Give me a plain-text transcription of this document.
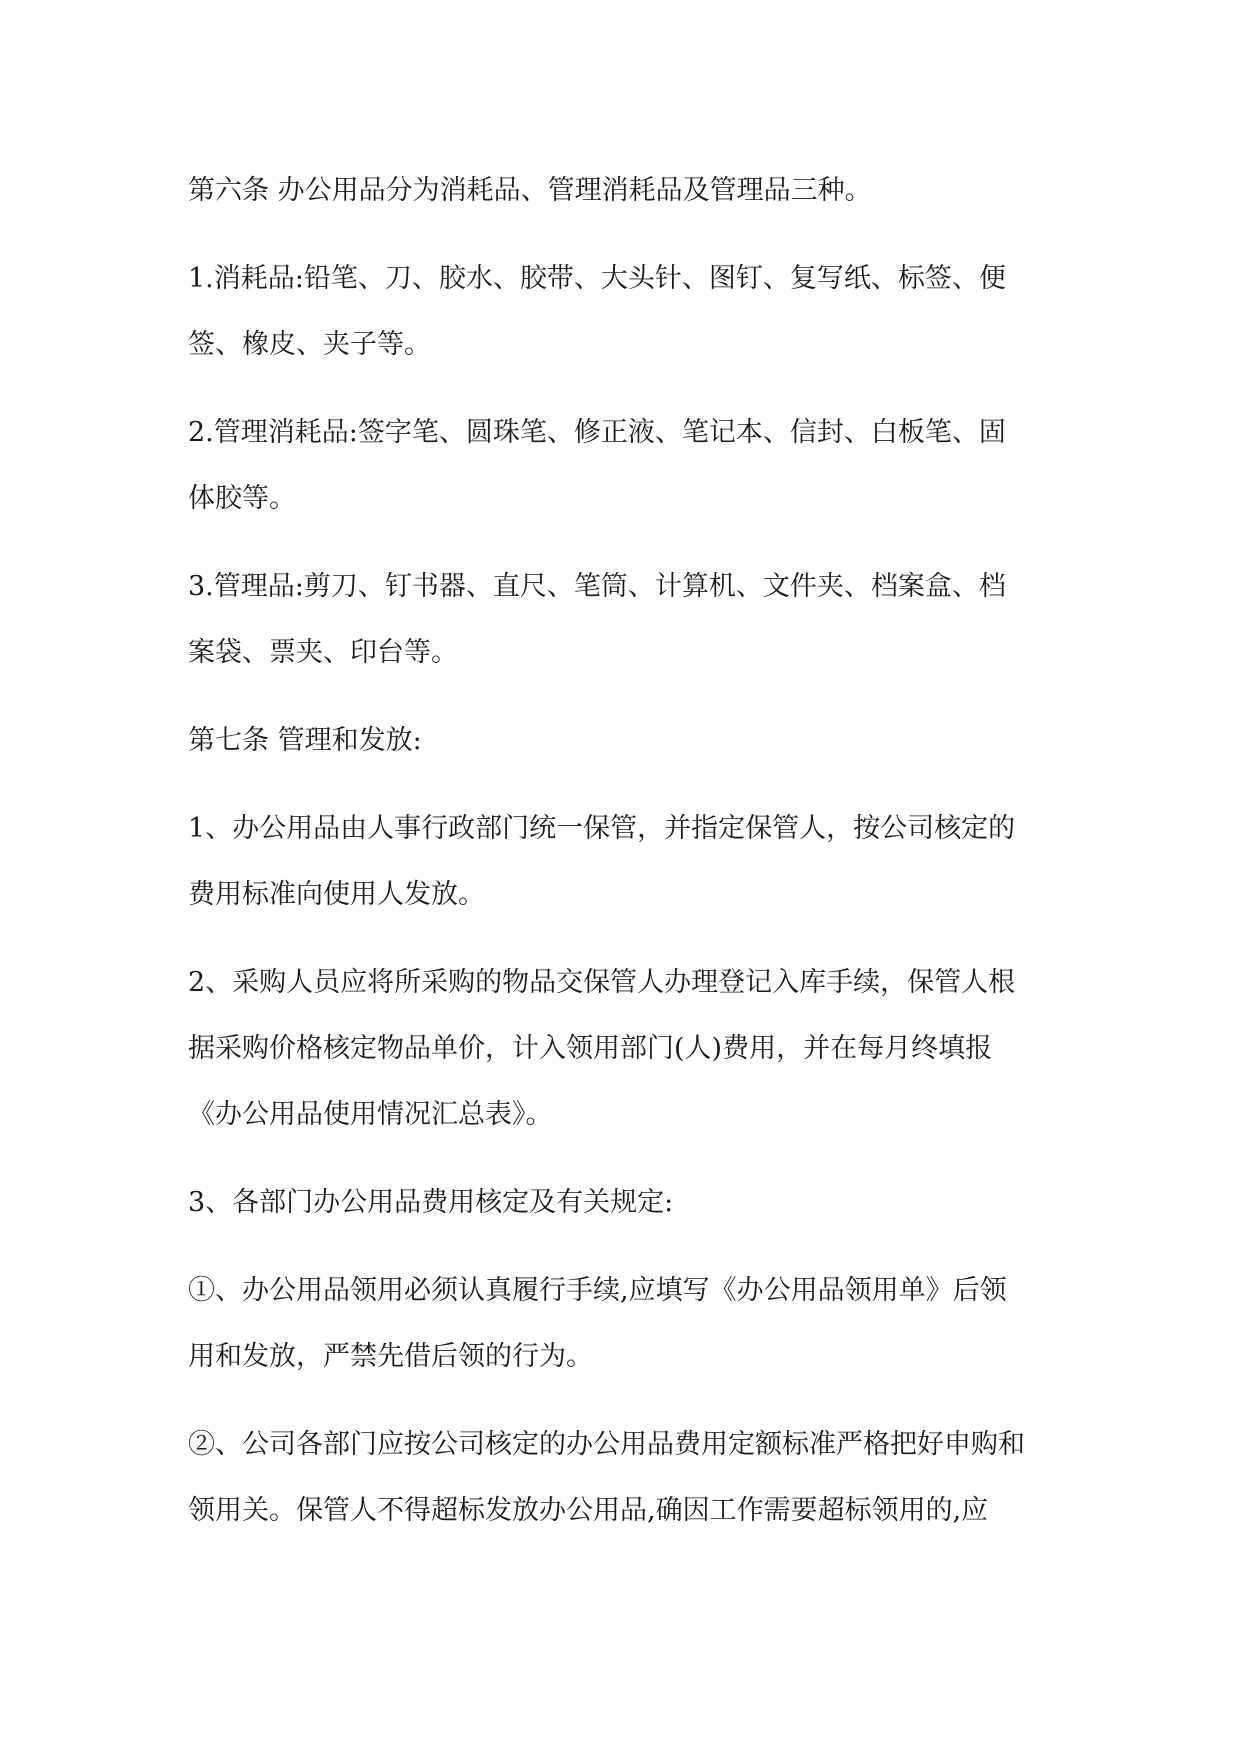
第六条 办公用品分为消耗品、管理消耗品及管理品三种。

1.消耗品:铅笔、刀、胶水、胶带、大头针、图钉、复写纸、标签、便
签、橡皮、夹子等。

2.管理消耗品:签字笔、圆珠笔、修正液、笔记本、信封、白板笔、固
体胶等。

3.管理品:剪刀、钉书器、直尺、笔筒、计算机、文件夹、档案盒、档
案袋、票夹、印台等。

第七条 管理和发放:

1、办公用品由人事行政部门统一保管，并指定保管人，按公司核定的
费用标准向使用人发放。

2、采购人员应将所采购的物品交保管人办理登记入库手续，保管人根
据采购价格核定物品单价，计入领用部门(人)费用，并在每月终填报
《办公用品使用情况汇总表》。

3、各部门办公用品费用核定及有关规定:

①、办公用品领用必须认真履行手续,应填写《办公用品领用单》后领
用和发放，严禁先借后领的行为。

②、公司各部门应按公司核定的办公用品费用定额标准严格把好申购和
领用关。保管人不得超标发放办公用品,确因工作需要超标领用的,应
